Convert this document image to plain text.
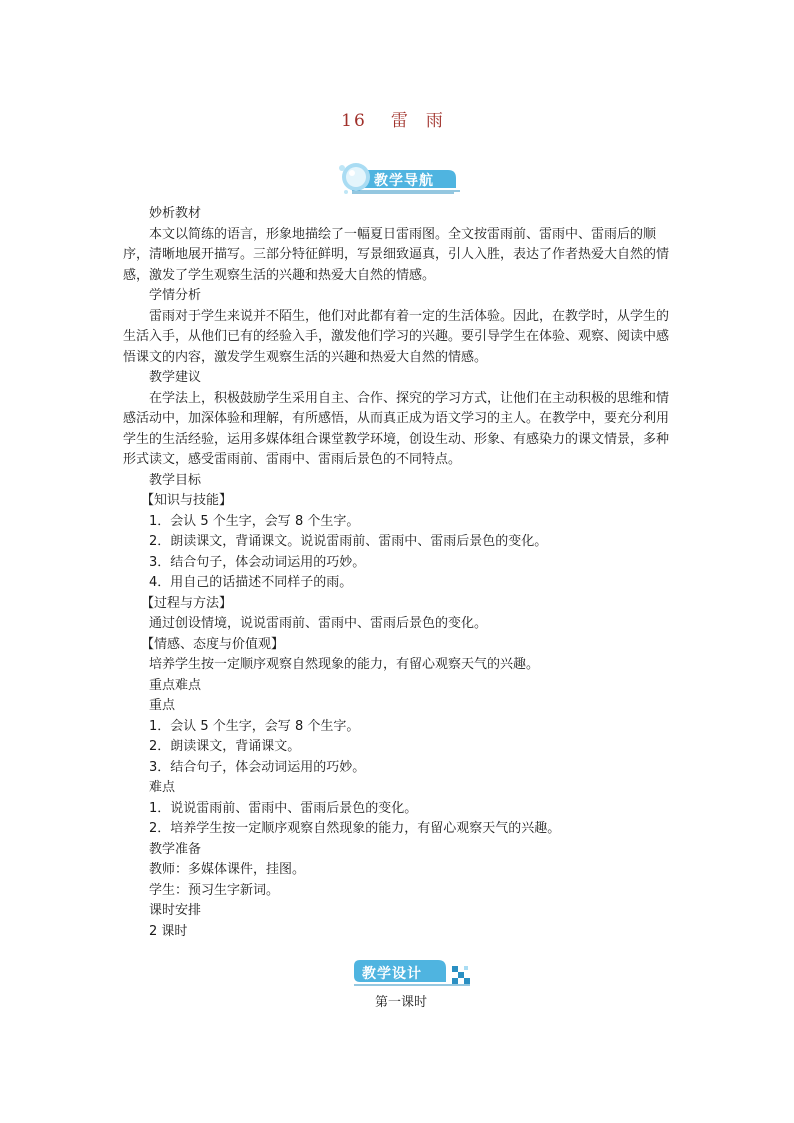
16 雷 雨
教学导航

妙析教材

本文以简练的语言，形象地描绘了一幅夏日雷雨图。全文按雷雨前、雷雨中、雷雨后的顺序，清晰地展开描写。三部分特征鲜明，写景细致逼真，引人入胜，表达了作者热爱大自然的情感，激发了学生观察生活的兴趣和热爱大自然的情感。

学情分析

雷雨对于学生来说并不陌生，他们对此都有着一定的生活体验。因此，在教学时，从学生的生活入手，从他们已有的经验入手，激发他们学习的兴趣。要引导学生在体验、观察、阅读中感悟课文的内容，激发学生观察生活的兴趣和热爱大自然的情感。

教学建议

在学法上，积极鼓励学生采用自主、合作、探究的学习方式，让他们在主动积极的思维和情感活动中，加深体验和理解，有所感悟，从而真正成为语文学习的主人。在教学中，要充分利用学生的生活经验，运用多媒体组合课堂教学环境，创设生动、形象、有感染力的课文情景，多种形式读文，感受雷雨前、雷雨中、雷雨后景色的不同特点。

教学目标

【知识与技能】

1．会认 5 个生字，会写 8 个生字。

2．朗读课文，背诵课文。说说雷雨前、雷雨中、雷雨后景色的变化。

3．结合句子，体会动词运用的巧妙。

4．用自己的话描述不同样子的雨。

【过程与方法】

通过创设情境，说说雷雨前、雷雨中、雷雨后景色的变化。

【情感、态度与价值观】

培养学生按一定顺序观察自然现象的能力，有留心观察天气的兴趣。

重点难点

重点

1．会认 5 个生字，会写 8 个生字。

2．朗读课文，背诵课文。

3．结合句子，体会动词运用的巧妙。

难点

1．说说雷雨前、雷雨中、雷雨后景色的变化。

2．培养学生按一定顺序观察自然现象的能力，有留心观察天气的兴趣。

教学准备

教师：多媒体课件，挂图。

学生：预习生字新词。

课时安排

2 课时

教学设计

第一课时
